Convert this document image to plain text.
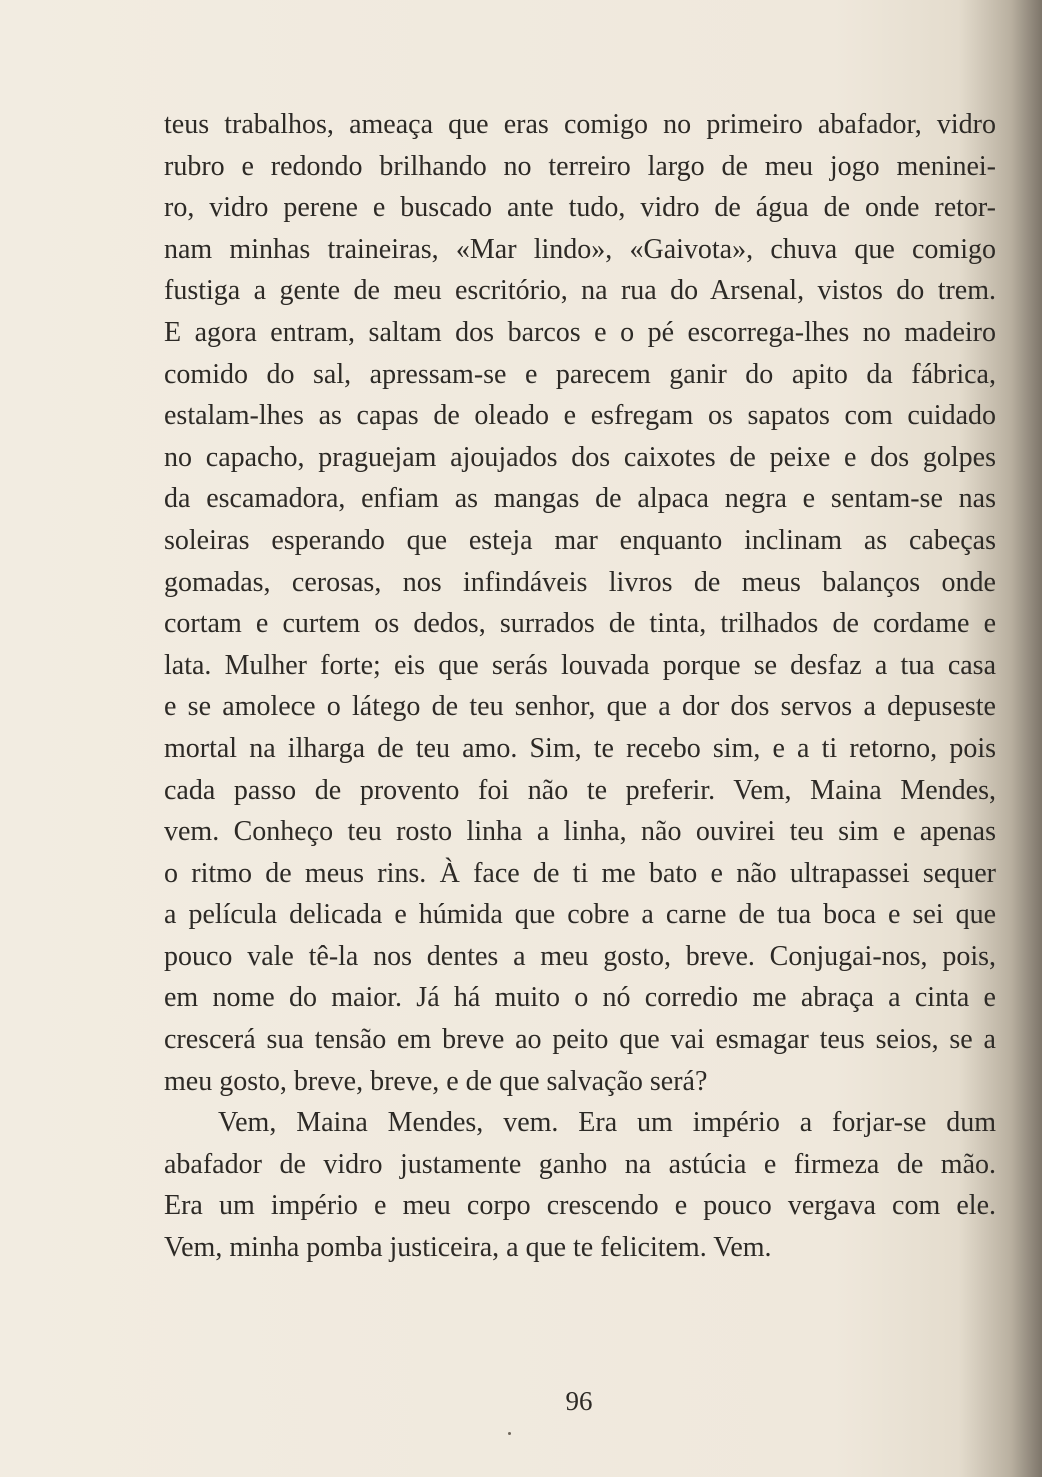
teus trabalhos, ameaça que eras comigo no primeiro abafador, vidro
rubro e redondo brilhando no terreiro largo de meu jogo meninei-
ro, vidro perene e buscado ante tudo, vidro de água de onde retor-
nam minhas traineiras, «Mar lindo», «Gaivota», chuva que comigo
fustiga a gente de meu escritório, na rua do Arsenal, vistos do trem.
E agora entram, saltam dos barcos e o pé escorrega-lhes no madeiro
comido do sal, apressam-se e parecem ganir do apito da fábrica,
estalam-lhes as capas de oleado e esfregam os sapatos com cuidado
no capacho, praguejam ajoujados dos caixotes de peixe e dos golpes
da escamadora, enfiam as mangas de alpaca negra e sentam-se nas
soleiras esperando que esteja mar enquanto inclinam as cabeças
gomadas, cerosas, nos infindáveis livros de meus balanços onde
cortam e curtem os dedos, surrados de tinta, trilhados de cordame e
lata. Mulher forte; eis que serás louvada porque se desfaz a tua casa
e se amolece o látego de teu senhor, que a dor dos servos a depuseste
mortal na ilharga de teu amo. Sim, te recebo sim, e a ti retorno, pois
cada passo de provento foi não te preferir. Vem, Maina Mendes,
vem. Conheço teu rosto linha a linha, não ouvirei teu sim e apenas
o ritmo de meus rins. À face de ti me bato e não ultrapassei sequer
a película delicada e húmida que cobre a carne de tua boca e sei que
pouco vale tê-la nos dentes a meu gosto, breve. Conjugai-nos, pois,
em nome do maior. Já há muito o nó corredio me abraça a cinta e
crescerá sua tensão em breve ao peito que vai esmagar teus seios, se a
meu gosto, breve, breve, e de que salvação será?
Vem, Maina Mendes, vem. Era um império a forjar-se dum
abafador de vidro justamente ganho na astúcia e firmeza de mão.
Era um império e meu corpo crescendo e pouco vergava com ele.
Vem, minha pomba justiceira, a que te felicitem. Vem.
96
